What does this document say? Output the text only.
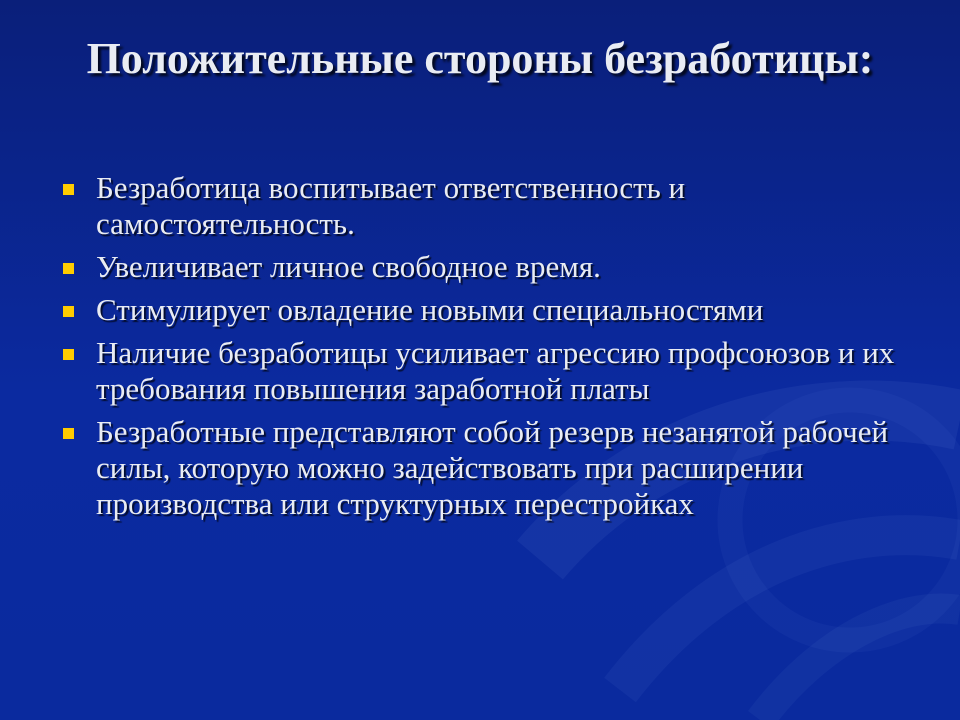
Положительные стороны безработицы:
Безработица воспитывает ответственность и самостоятельность.
Увеличивает личное свободное время.
Стимулирует овладение новыми специальностями
Наличие безработицы усиливает агрессию профсоюзов и их требования повышения заработной платы
Безработные представляют собой резерв незанятой рабочей силы, которую можно задействовать при расширении производства или структурных перестройках
